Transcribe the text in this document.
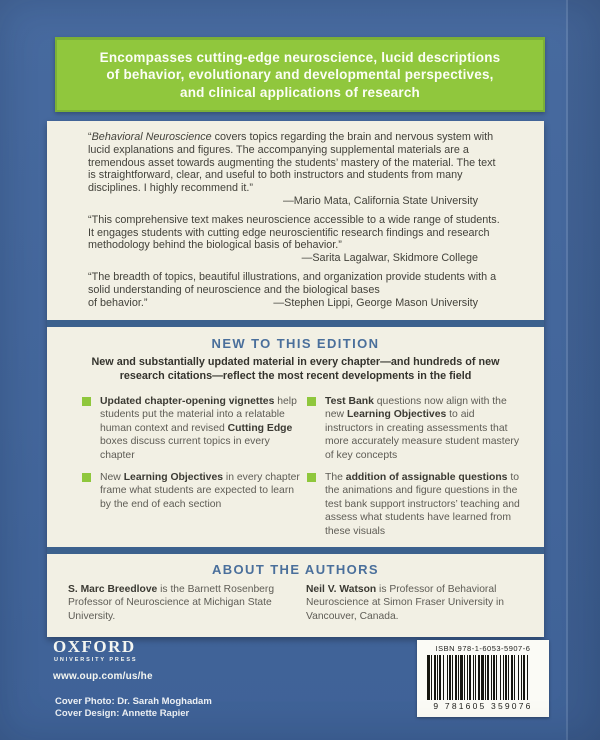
Encompasses cutting-edge neuroscience, lucid descriptions of behavior, evolutionary and developmental perspectives, and clinical applications of research

“Behavioral Neuroscience covers topics regarding the brain and nervous system with lucid explanations and figures. The accompanying supplemental materials are a tremendous asset towards augmenting the students’ mastery of the material. The text is straightforward, clear, and useful to both instructors and students from many disciplines. I highly recommend it.”

—Mario Mata, California State University

“This comprehensive text makes neuroscience accessible to a wide range of students. It engages students with cutting edge neuroscientific research findings and research methodology behind the biological basis of behavior.”

—Sarita Lagalwar, Skidmore College

“The breadth of topics, beautiful illustrations, and organization provide students with a solid understanding of neuroscience and the biological bases

of behavior.”	—Stephen Lippi, George Mason University
NEW TO THIS EDITION

New and substantially updated material in every chapter—and hundreds of new research citations—reflect the most recent developments in the field

Updated chapter-opening vignettes help students put the material into a relatable human context and revised Cutting Edge boxes discuss current topics in every chapter

New Learning Objectives in every chapter frame what students are expected to learn by the end of each section

Test Bank questions now align with the new Learning Objectives to aid instructors in creating assessments that more accurately measure student mastery of key concepts

The addition of assignable questions to the animations and figure questions in the test bank support instructors’ teaching and assess what students have learned from these visuals

ABOUT THE AUTHORS

S. Marc Breedlove is the Barnett Rosenberg Professor of Neuroscience at Michigan State University.

Neil V. Watson is Professor of Behavioral Neuroscience at Simon Fraser University in Vancouver, Canada.

OXFORD
UNIVERSITY PRESS
www.oup.com/us/he
Cover Photo: Dr. Sarah Moghadam
Cover Design: Annette Rapier
ISBN 978-1-6053-5907-6
9 781605 359076
